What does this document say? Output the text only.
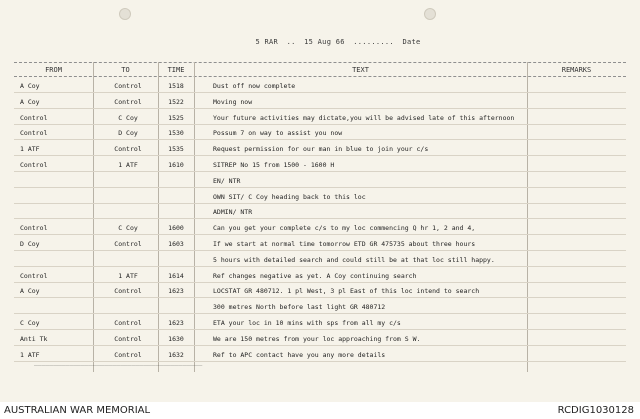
5 RAR .. 15 Aug 66 ......... Date
FROM	TO	TIME	TEXT	REMARKS
A Coy	Control	1518	Dust off now complete
A Coy	Control	1522	Moving now
Control	C Coy	1525	Your future activities may dictate,you will be advised late of this afternoon
Control	D Coy	1530	Possum 7 on way to assist you now
1 ATF	Control	1535	Request permission for our man in blue to join your c/s
Control	1 ATF	1610	SITREP No 15 from 1500 - 1600 H
EN/ NTR
OWN SIT/ C Coy heading back to this loc
ADMIN/ NTR
Control	C Coy	1600	Can you get your complete c/s to my loc commencing Q hr 1, 2 and 4,
D Coy	Control	1603	If we start at normal time tomorrow ETD GR 475735 about three hours
5 hours with detailed search and could still be at that loc still happy.
Control	1 ATF	1614	Ref changes negative as yet. A Coy continuing search
A Coy	Control	1623	LOCSTAT GR 480712. 1 pl West, 3 pl East of this loc intend to search
300 metres North before last light GR 480712
C Coy	Control	1623	ETA your loc in 10 mins with sps from all my c/s
Anti Tk	Control	1630	We are 150 metres from your loc approaching from S W.
1 ATF	Control	1632	Ref to APC contact have you any more details
———————————————————————————————————————————
AUSTRALIAN WAR MEMORIAL	RCDIG1030128
